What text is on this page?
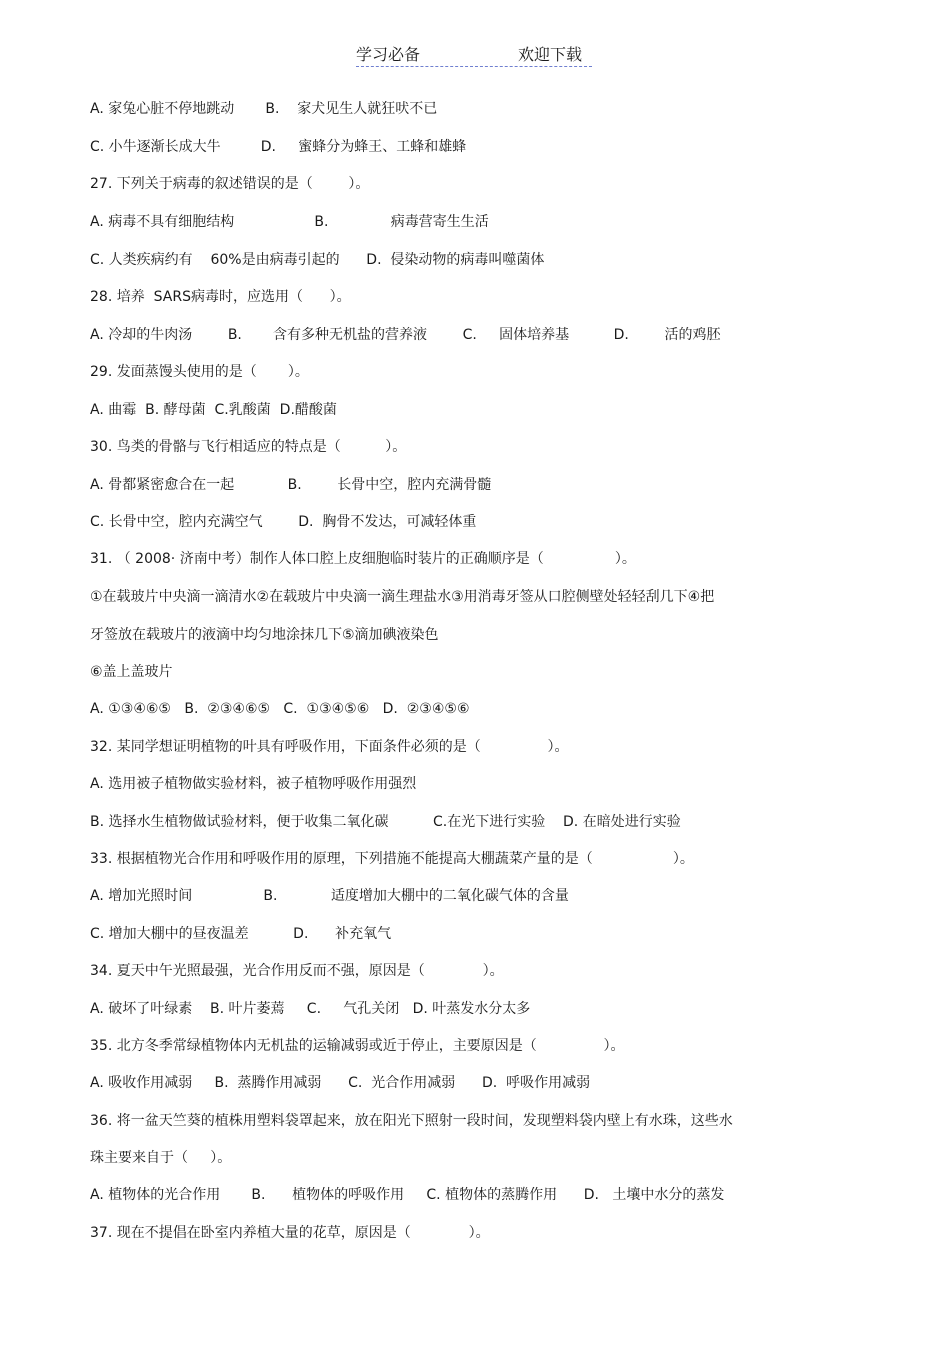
学习必备	欢迎下载
A. 家兔心脏不停地跳动       B.    家犬见生人就狂吠不已
C. 小牛逐渐长成大牛         D.     蜜蜂分为蜂王、工蜂和雄蜂
27. 下列关于病毒的叙述错误的是（        ）。
A. 病毒不具有细胞结构                  B.              病毒营寄生生活
C. 人类疾病约有    60%是由病毒引起的      D.  侵染动物的病毒叫噬菌体
28. 培养  SARS病毒时，应选用（      ）。
A. 冷却的牛肉汤        B.       含有多种无机盐的营养液        C.     固体培养基          D.        活的鸡胚
29. 发面蒸馒头使用的是（       ）。
A. 曲霉  B. 酵母菌  C.乳酸菌  D.醋酸菌
30. 鸟类的骨骼与飞行相适应的特点是（          ）。
A. 骨都紧密愈合在一起            B.        长骨中空，腔内充满骨髓
C. 长骨中空，腔内充满空气        D.  胸骨不发达，可减轻体重
31. （ 2008· 济南中考）制作人体口腔上皮细胞临时装片的正确顺序是（                ）。
①在载玻片中央滴一滴清水②在载玻片中央滴一滴生理盐水③用消毒牙签从口腔侧壁处轻轻刮几下④把
牙签放在载玻片的液滴中均匀地涂抹几下⑤滴加碘液染色
⑥盖上盖玻片
A. ①③④⑥⑤   B.  ②③④⑥⑤   C.  ①③④⑤⑥   D.  ②③④⑤⑥
32. 某同学想证明植物的叶具有呼吸作用，下面条件必须的是（               ）。
A. 选用被子植物做实验材料，被子植物呼吸作用强烈
B. 选择水生植物做试验材料，便于收集二氧化碳          C.在光下进行实验    D. 在暗处进行实验
33. 根据植物光合作用和呼吸作用的原理，下列措施不能提高大棚蔬菜产量的是（                  ）。
A. 增加光照时间                B.            适度增加大棚中的二氧化碳气体的含量
C. 增加大棚中的昼夜温差          D.      补充氧气
34. 夏天中午光照最强，光合作用反而不强，原因是（             ）。
A. 破坏了叶绿素    B. 叶片萎蔫     C.     气孔关闭   D. 叶蒸发水分太多
35. 北方冬季常绿植物体内无机盐的运输减弱或近于停止，主要原因是（               ）。
A. 吸收作用减弱     B.  蒸腾作用减弱      C.  光合作用减弱      D.  呼吸作用减弱
36. 将一盆天竺葵的植株用塑料袋罩起来，放在阳光下照射一段时间，发现塑料袋内壁上有水珠，这些水
珠主要来自于（     ）。
A. 植物体的光合作用       B.      植物体的呼吸作用     C. 植物体的蒸腾作用      D.   土壤中水分的蒸发
37. 现在不提倡在卧室内养植大量的花草，原因是（             ）。
